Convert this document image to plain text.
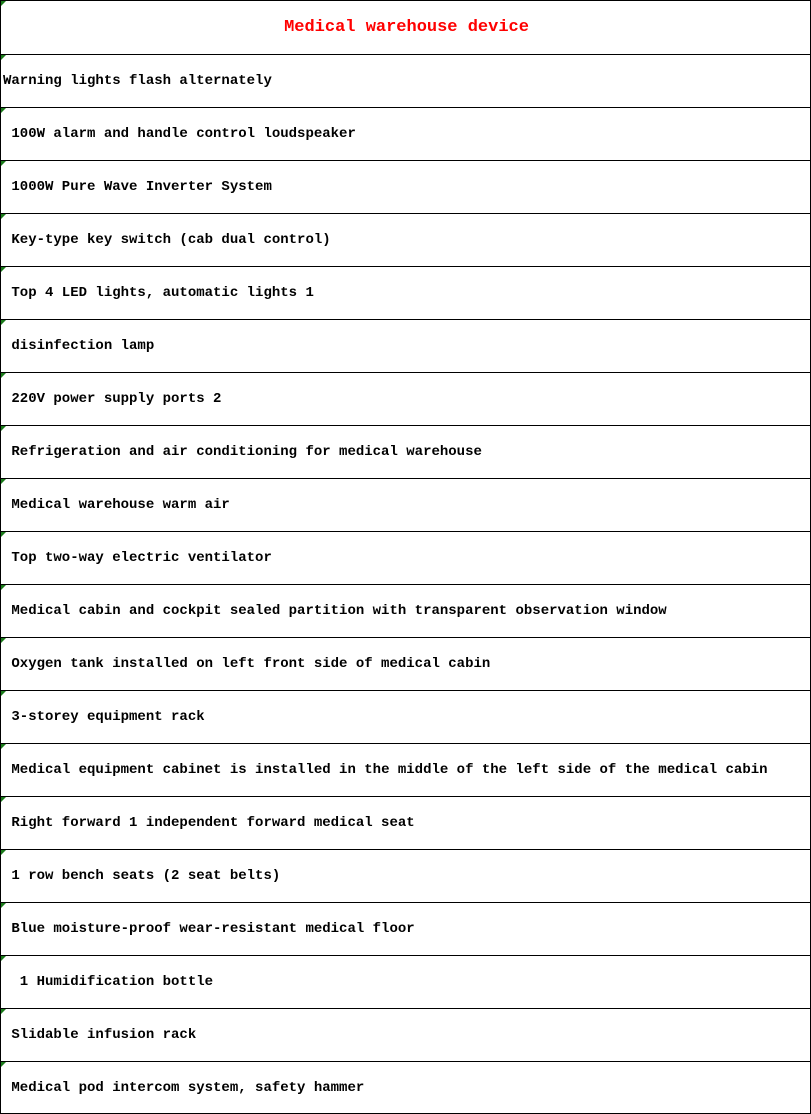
Medical warehouse device
Warning lights flash alternately
100W alarm and handle control loudspeaker
1000W Pure Wave Inverter System
Key-type key switch (cab dual control)
Top 4 LED lights, automatic lights 1
disinfection lamp
220V power supply ports 2
Refrigeration and air conditioning for medical warehouse
Medical warehouse warm air
Top two-way electric ventilator
Medical cabin and cockpit sealed partition with transparent observation window
Oxygen tank installed on left front side of medical cabin
3-storey equipment rack
Medical equipment cabinet is installed in the middle of the left side of the medical cabin
Right forward 1 independent forward medical seat
1 row bench seats (2 seat belts)
Blue moisture-proof wear-resistant medical floor
1 Humidification bottle
Slidable infusion rack
Medical pod intercom system, safety hammer
